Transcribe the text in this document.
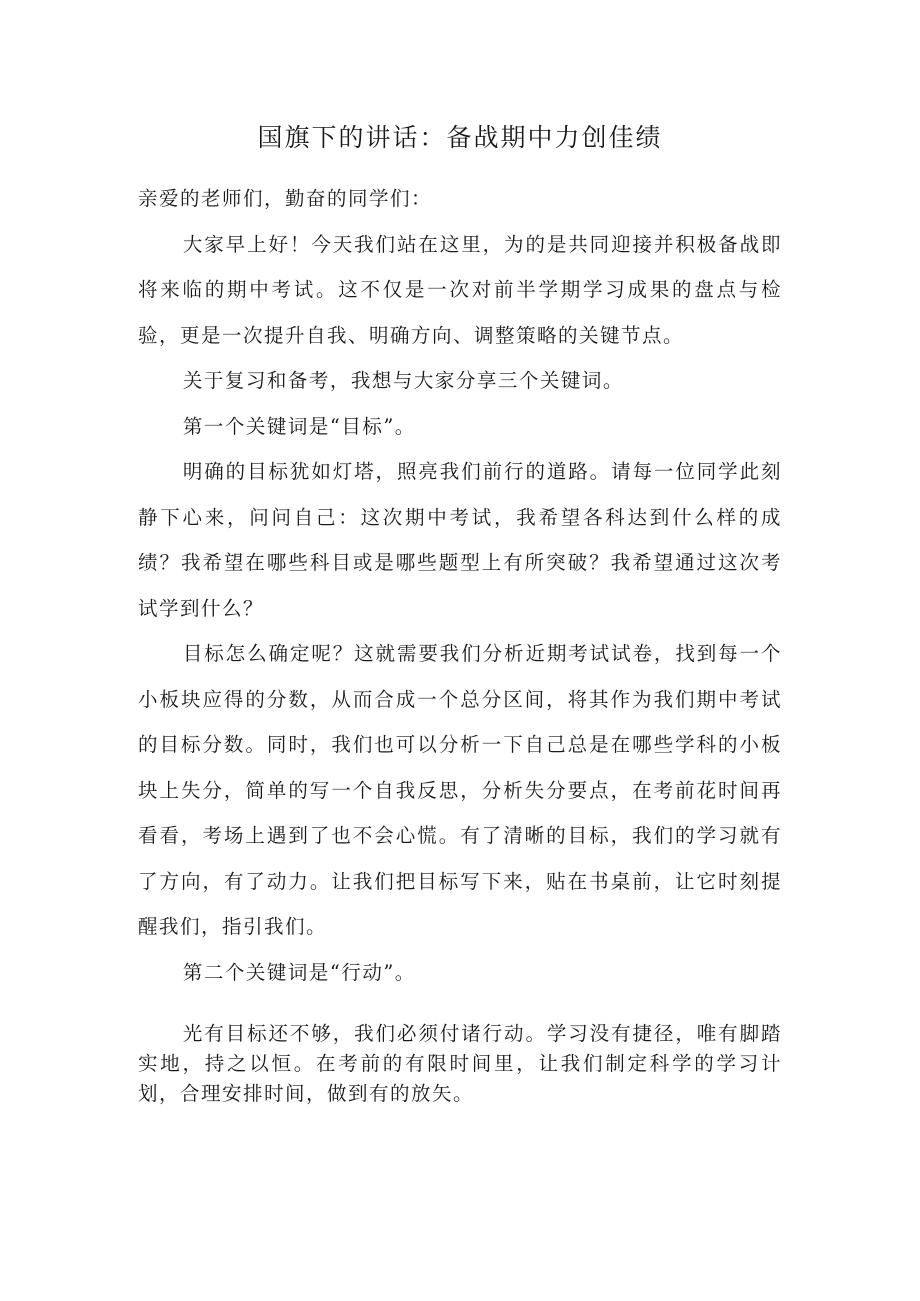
国旗下的讲话：备战期中力创佳绩

亲爱的老师们，勤奋的同学们：

大家早上好！今天我们站在这里，为的是共同迎接并积极备战即将来临的期中考试。这不仅是一次对前半学期学习成果的盘点与检验，更是一次提升自我、明确方向、调整策略的关键节点。

关于复习和备考，我想与大家分享三个关键词。

第一个关键词是“目标”。

明确的目标犹如灯塔，照亮我们前行的道路。请每一位同学此刻静下心来，问问自己：这次期中考试，我希望各科达到什么样的成绩？我希望在哪些科目或是哪些题型上有所突破？我希望通过这次考试学到什么？

目标怎么确定呢？这就需要我们分析近期考试试卷，找到每一个小板块应得的分数，从而合成一个总分区间，将其作为我们期中考试的目标分数。同时，我们也可以分析一下自己总是在哪些学科的小板块上失分，简单的写一个自我反思，分析失分要点，在考前花时间再看看，考场上遇到了也不会心慌。有了清晰的目标，我们的学习就有了方向，有了动力。让我们把目标写下来，贴在书桌前，让它时刻提醒我们，指引我们。

第二个关键词是“行动”。

光有目标还不够，我们必须付诸行动。学习没有捷径，唯有脚踏实地，持之以恒。在考前的有限时间里，让我们制定科学的学习计划，合理安排时间，做到有的放矢。
